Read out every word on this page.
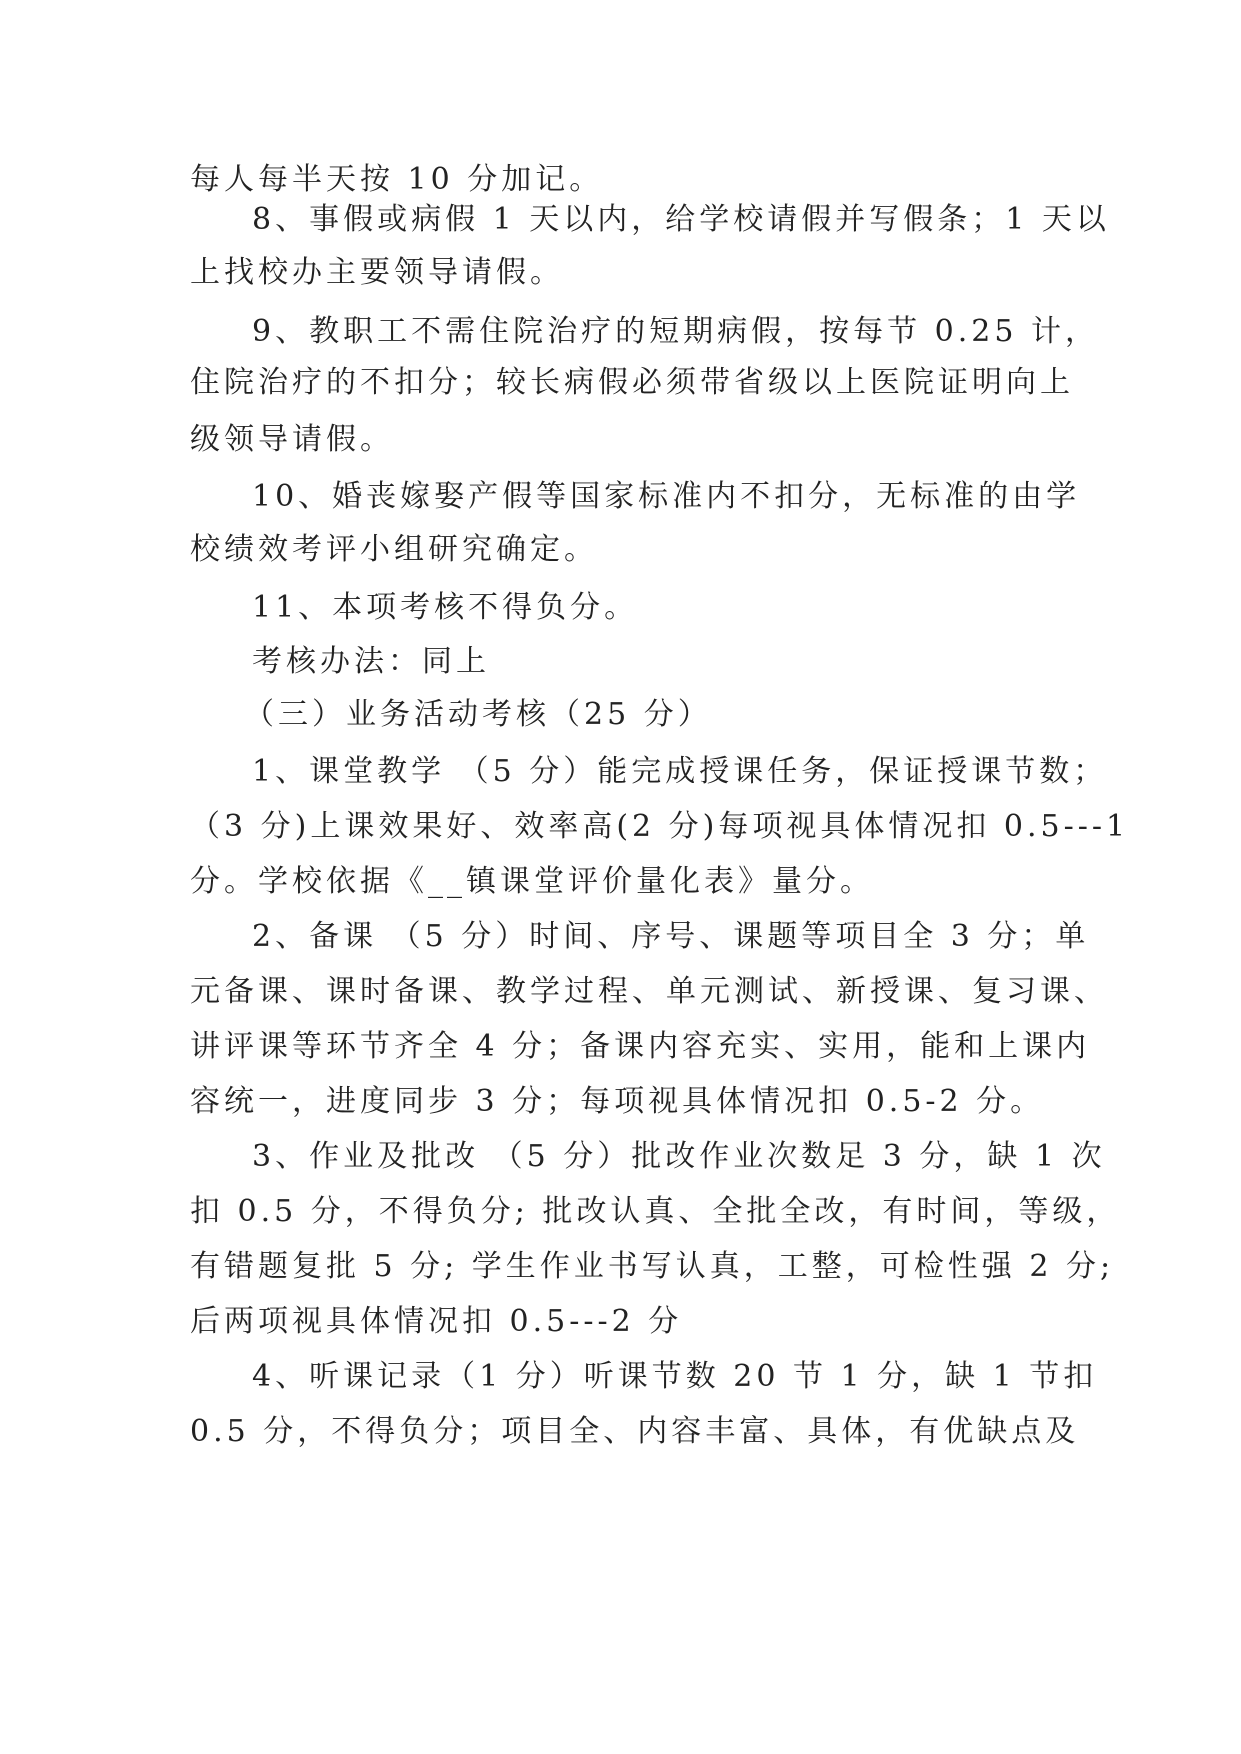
每人每半天按 10 分加记。
8、事假或病假 1 天以内，给学校请假并写假条；1 天以
上找校办主要领导请假。
9、教职工不需住院治疗的短期病假，按每节 0.25 计，
住院治疗的不扣分；较长病假必须带省级以上医院证明向上
级领导请假。
10、婚丧嫁娶产假等国家标准内不扣分，无标准的由学
校绩效考评小组研究确定。
11、本项考核不得负分。
考核办法：同上
（三）业务活动考核（25 分）
1、课堂教学 （5 分）能完成授课任务，保证授课节数；
（3 分)上课效果好、效率高(2 分)每项视具体情况扣 0.5---1
分。学校依据《__镇课堂评价量化表》量分。
2、备课 （5 分）时间、序号、课题等项目全 3 分；单
元备课、课时备课、教学过程、单元测试、新授课、复习课、
讲评课等环节齐全 4 分；备课内容充实、实用，能和上课内
容统一，进度同步 3 分；每项视具体情况扣 0.5-2 分。
3、作业及批改 （5 分）批改作业次数足 3 分，缺 1 次
扣 0.5 分，不得负分; 批改认真、全批全改，有时间，等级，
有错题复批 5 分; 学生作业书写认真，工整，可检性强 2 分;
后两项视具体情况扣 0.5---2 分
4、听课记录（1 分）听课节数 20 节 1 分，缺 1 节扣
0.5 分，不得负分；项目全、内容丰富、具体，有优缺点及
